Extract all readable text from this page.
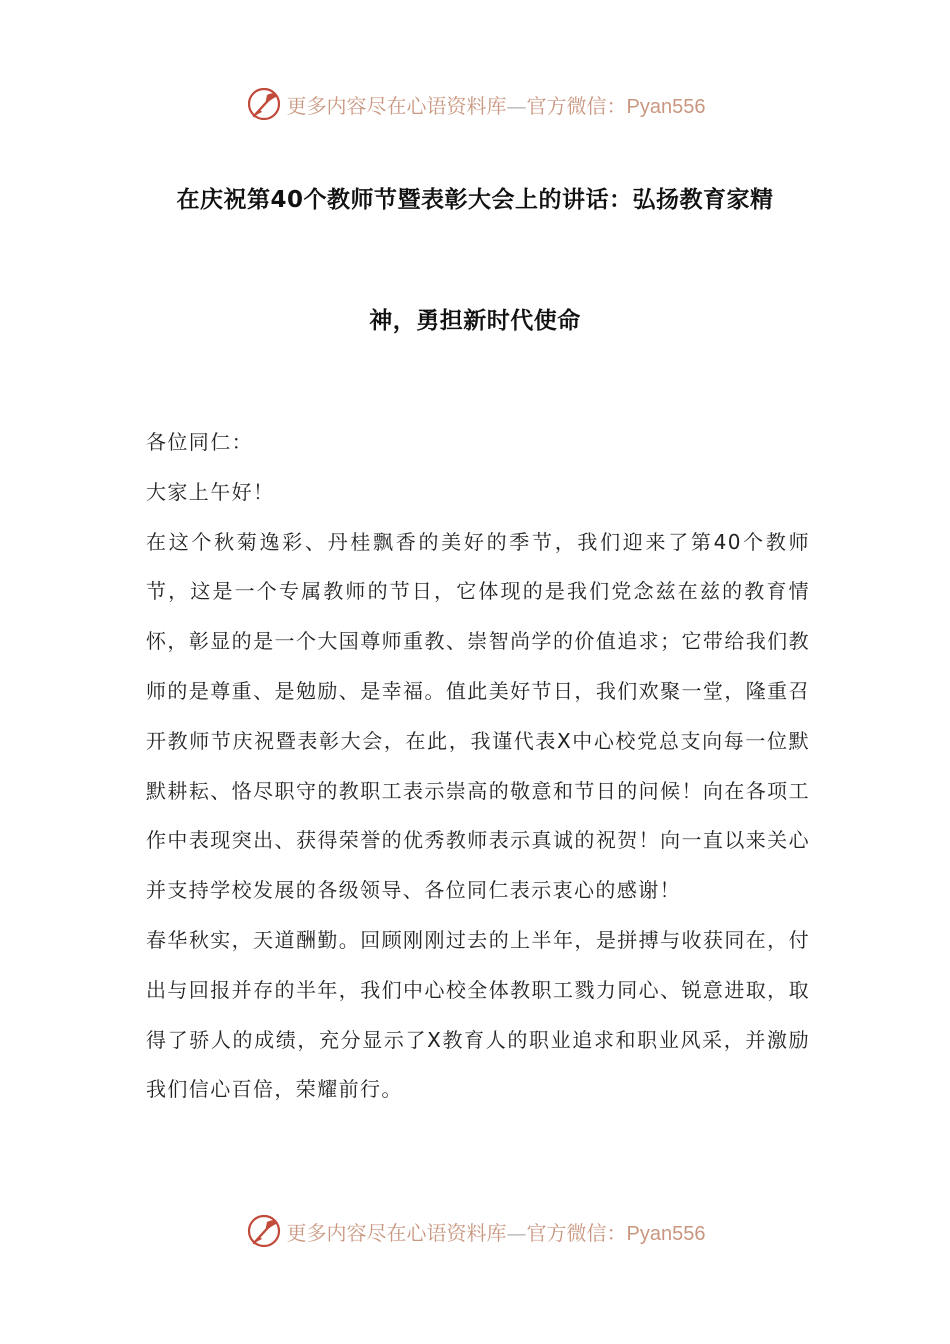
更多内容尽在心语资料库—官方微信：Pyan556
在庆祝第40个教师节暨表彰大会上的讲话：弘扬教育家精
神，勇担新时代使命

各位同仁：

大家上午好！

在这个秋菊逸彩、丹桂飘香的美好的季节，我们迎来了第40个教师节，这是一个专属教师的节日，它体现的是我们党念兹在兹的教育情怀，彰显的是一个大国尊师重教、崇智尚学的价值追求；它带给我们教师的是尊重、是勉励、是幸福。值此美好节日，我们欢聚一堂，隆重召开教师节庆祝暨表彰大会，在此，我谨代表X中心校党总支向每一位默默耕耘、恪尽职守的教职工表示崇高的敬意和节日的问候！向在各项工作中表现突出、获得荣誉的优秀教师表示真诚的祝贺！向一直以来关心并支持学校发展的各级领导、各位同仁表示衷心的感谢！

春华秋实，天道酬勤。回顾刚刚过去的上半年，是拼搏与收获同在，付出与回报并存的半年，我们中心校全体教职工戮力同心、锐意进取，取得了骄人的成绩，充分显示了X教育人的职业追求和职业风采，并激励我们信心百倍，荣耀前行。

更多内容尽在心语资料库—官方微信：Pyan556
